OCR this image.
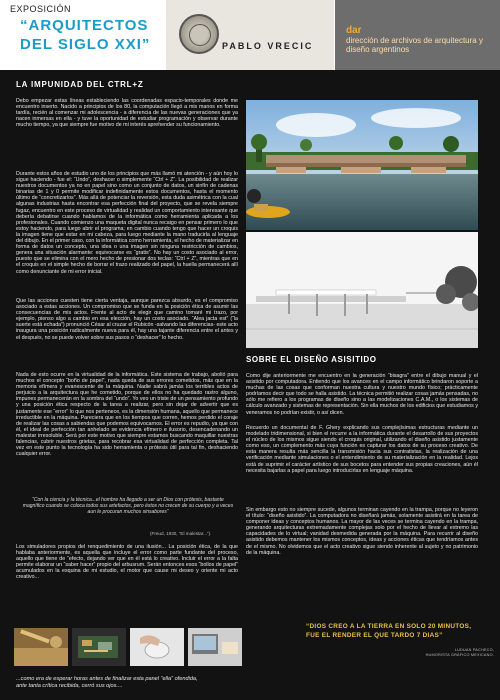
EXPOSICIÓN
“ARQUITECTOS
DEL SIGLO XXI”	PABLO VRECIC
dar
dirección de archivos de arquitectura y diseño argentinos
LA IMPUNIDAD DEL CTRL+Z

Debo empezar estas líneas estableciendo las coordenadas espacio-temporales donde me encuentro inserto. Nacido a principios de los 80, la computación llegó a mis manos en forma tardía, recién al comenzar mi adolescencia - a diferencia de las nuevas generaciones que ya nacen inmersas en ella - y tuve la oportunidad de estudiar programación y observar durante mucho tiempo, ya que siempre fue motivo de mi interés aprehender su funcionamiento.

Durante estos años de estudio uno de los principios que más llamó mi atención - y aún hoy lo sigue haciendo - fue el: “Undo”, deshacer o simplemente “Ctrl + Z”. La posibilidad de realizar nuestros documentos ya no en papel sino como un conjunto de datos, un sinfín de cadenas binarias de 1 y 0 permite modificar indefinidamente estos documentos, hasta el momento último de “concretizarlos”. Más allá de potenciar la reversión, esta duda asimétrica con la cual algunas industrias hasta encontrar esa perfección final del proyecto, que se revela siempre fugaz, encuentro en este proceso de virtualidad y realidad un comportamiento interesante que debería debatirse cuando hablamos de la informática como herramienta aplicada a los profesionales. Cuando comienzo una maqueta digital nunca recaigo en pensar primero lo que estoy haciendo, para luego abrir el programa; en cambio cuando tengo que hacer un croquis la imagen tiene que estar en mi cabeza, para luego mediante la mano traducirla al lenguaje del dibujo. En el primer caso, con la informática como herramienta, el hecho de materializar en forma de datos un concepto, una idea o una imagen sin ninguna restricción de cambios, genera una situación alarmante: equivocarse es “gratis”. No hay un costo asociado al error, puesto que se elimina con el mero hecho de presionar dos teclas: “Ctrl + Z”, mientras que en el croquis en el simple hecho de borrar el trazo realizado del papel, la huella permanecerá allí como denunciante de mi error inicial.

Que las acciones cuesten tiene cierta ventaja, aunque parezca absurdo, es el compromiso asociado a estas acciones. Un compromiso que se funda en la posición ética de asumir las consecuencias de mis actos. Frente al acto de elegir que camino tomaré mi trazo, por ejemplo, pienso algo a cambio en esa elección, hay un costo asociado. “Alea jacta est” (“la suerte está echada”) pronunció César al cruzar el Rubicón -salvando las diferencias- este acto inaugura una posición radicalmente nueva para él, hay una tajante diferencia entre el antes y el después, no se puede volver sobre sus pasos o “deshacer” lo hecho.

Nada de esto ocurre en la virtualidad de la informática. Este sistema de trabajo, abolió para muchos el concepto “boño de papel”, nada queda de sus errores cometidos, más que en la memoria efímera y evanescente de la máquina. Nadie sabrá jamás los terribles actos de perjuicio a la arquitectura que he cometido, porque de ellos no ha quedado rastro alguno, impunes permanecerán en la sombra del “undo”. Yo veo un triste de un pensamiento profundo y una posición ética respecto de la tarea a realizar, pero sin dejar de advertir que es justamente ese “error” lo que nos pertenece, es la dimensión humana, aquello que permanece irreductible en la máquina. Pareciera que en los tiempos que corren, hemos perdido el coraje de realizar las cosas a sabiendas que podemos equivocarnos. El error es repudio, ya que con él, el ideal de perfección tan anhelado se evidencia efímero e ilusorio, desencadenando un malestar irresoluble. Será por este motivo que siempre estamos buscando maquillar nuestras falencias, cubrir nuestros grietas, para recobrar esa virtualidad de perfección completa. Tal vez en este punto la tecnología ha sido herramienta o prótesis útil para tal fin, deshaciendo cualquier error.

“Con la ciencia y la técnica...el hombre ha llegado a ser un Dios con prótesis, bastante magnífico cuando se coloca todos sus artefactos, pero éstos no crecen de su cuerpo y a veces aun le procuran muchos sinsabores”
(Freud, 1930, “El malestar...”).

Los simuladores propios del renquedimiento de una ilusión... La posición ética, de la que hablaba anteriormente, es aquella que incluye el error como parte fundante del proceso, aquello que tiene de “efecto, dejando ver que en él está lo creativo. Incluir el error a la falta permite elaborar un “saber hacer” propio del arbusrum. Serán entonces esos “bollos de papel” acumulados en la esquina de mi estudio, el motor que cause mi deseo y oriente mi acto creativo...

SOBRE EL DISEÑO ASISITIDO

Como dije anteriormente me encuentro en la generación “bisagra” entre el dibujo manual y el asistido por computadora. Entiendo que los avances en el campo informático brindaron soporte a muchas de las cosas que conforman nuestra cultura y nuestro mundo físico; prácticamente podríamos decir que todo se halla asistido. La técnica permitió realizar cosas jamás pensadas, no sólo me refiero a los programas de diseño sino a las modelizaciones C.A.M., o los sistemas de cálculo avanzado y sistemas de representación. Sin ella muchos de los edificios que estudiamos y veneramos no podrían existir, o así dicen.

Recuerdo un documental de F. Ghery explicando sus complejísimas estructuras mediante un modelado tridimensional, si bien el recurre a la informática durante el desarrollo de sus proyectos el núcleo de los mismos sigue siendo el croquis original, utilizando el diseño asistido justamente como eso, un complemento más cuya función es capturar los datos de su proceso creativo. De esta manera resulta más sencilla la transmisión hacia sus contratistas, la realización de una verificación mediante simulaciones o el entendimiento de su materialización en la realidad. Lejos está de suprimir el carácter artístico de sus bocetos para entender sus propias creaciones, aún él necesita bajarlas a papel para luego introducirlas en lenguaje máquina.

Sin embargo esto no siempre sucede, algunos terminan cayendo en la trampa, porque no leyeron el título: “diseño asistido”. La computadora no diseñará jamás, solamente asistirá en la tarea de componer ideas y conceptos humanos. La mayor de las veces se termina cayendo en la trampa, generando arquitecturas extremadamente complejas solo por el hecho de llevar al extremo las capacidades de lo virtual; vanidad desmedida generada por la máquina. Para recurrir al diseño asistido debemos mantener los mismos conceptos, ideas y acciones éticas que tendríamos antes de el mismo. No olvidemos que el acto creativo sigue siendo inherente al sujeto y no patrimonio de la máquina.

“DIOS CREO A LA TIERRA EN SOLO 20 MINUTOS,
FUE EL RENDER EL QUE TARDO 7 DIAS”
LUDUAN PACHECO,
HUMORISTA GRÁFICO MEXICANO.
...como era de esperar horas antes de finalizar esta panel “ella” ofendida,
ante tanta crítica recibida, cerró sus ojos....
